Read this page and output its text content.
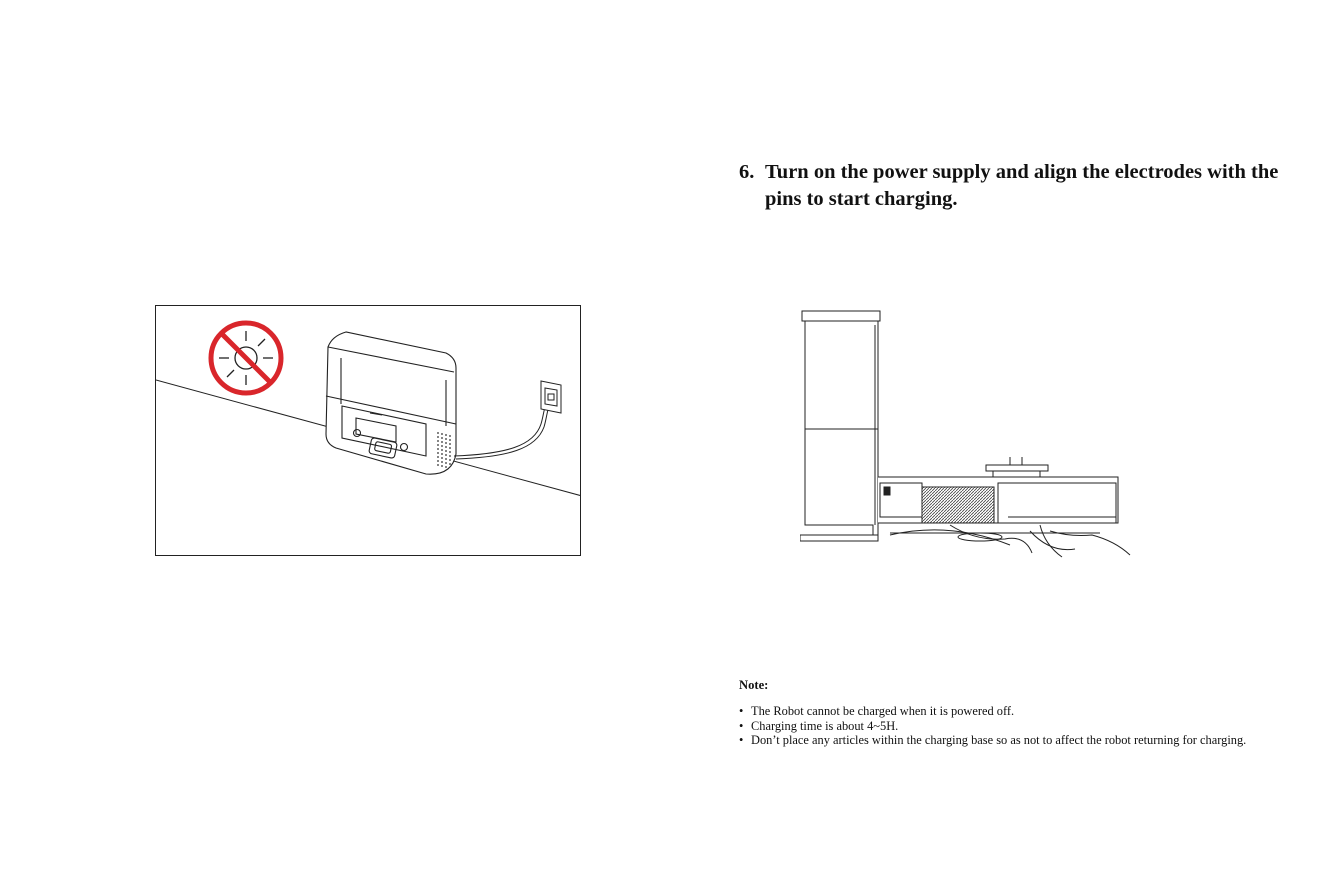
6. Turn on the power supply and align the electrodes with the pins to start charging.

Note:

• The Robot cannot be charged when it is powered off.
• Charging time is about 4~5H.
• Don’t place any articles within the charging base so as not to affect the robot returning for charging.
